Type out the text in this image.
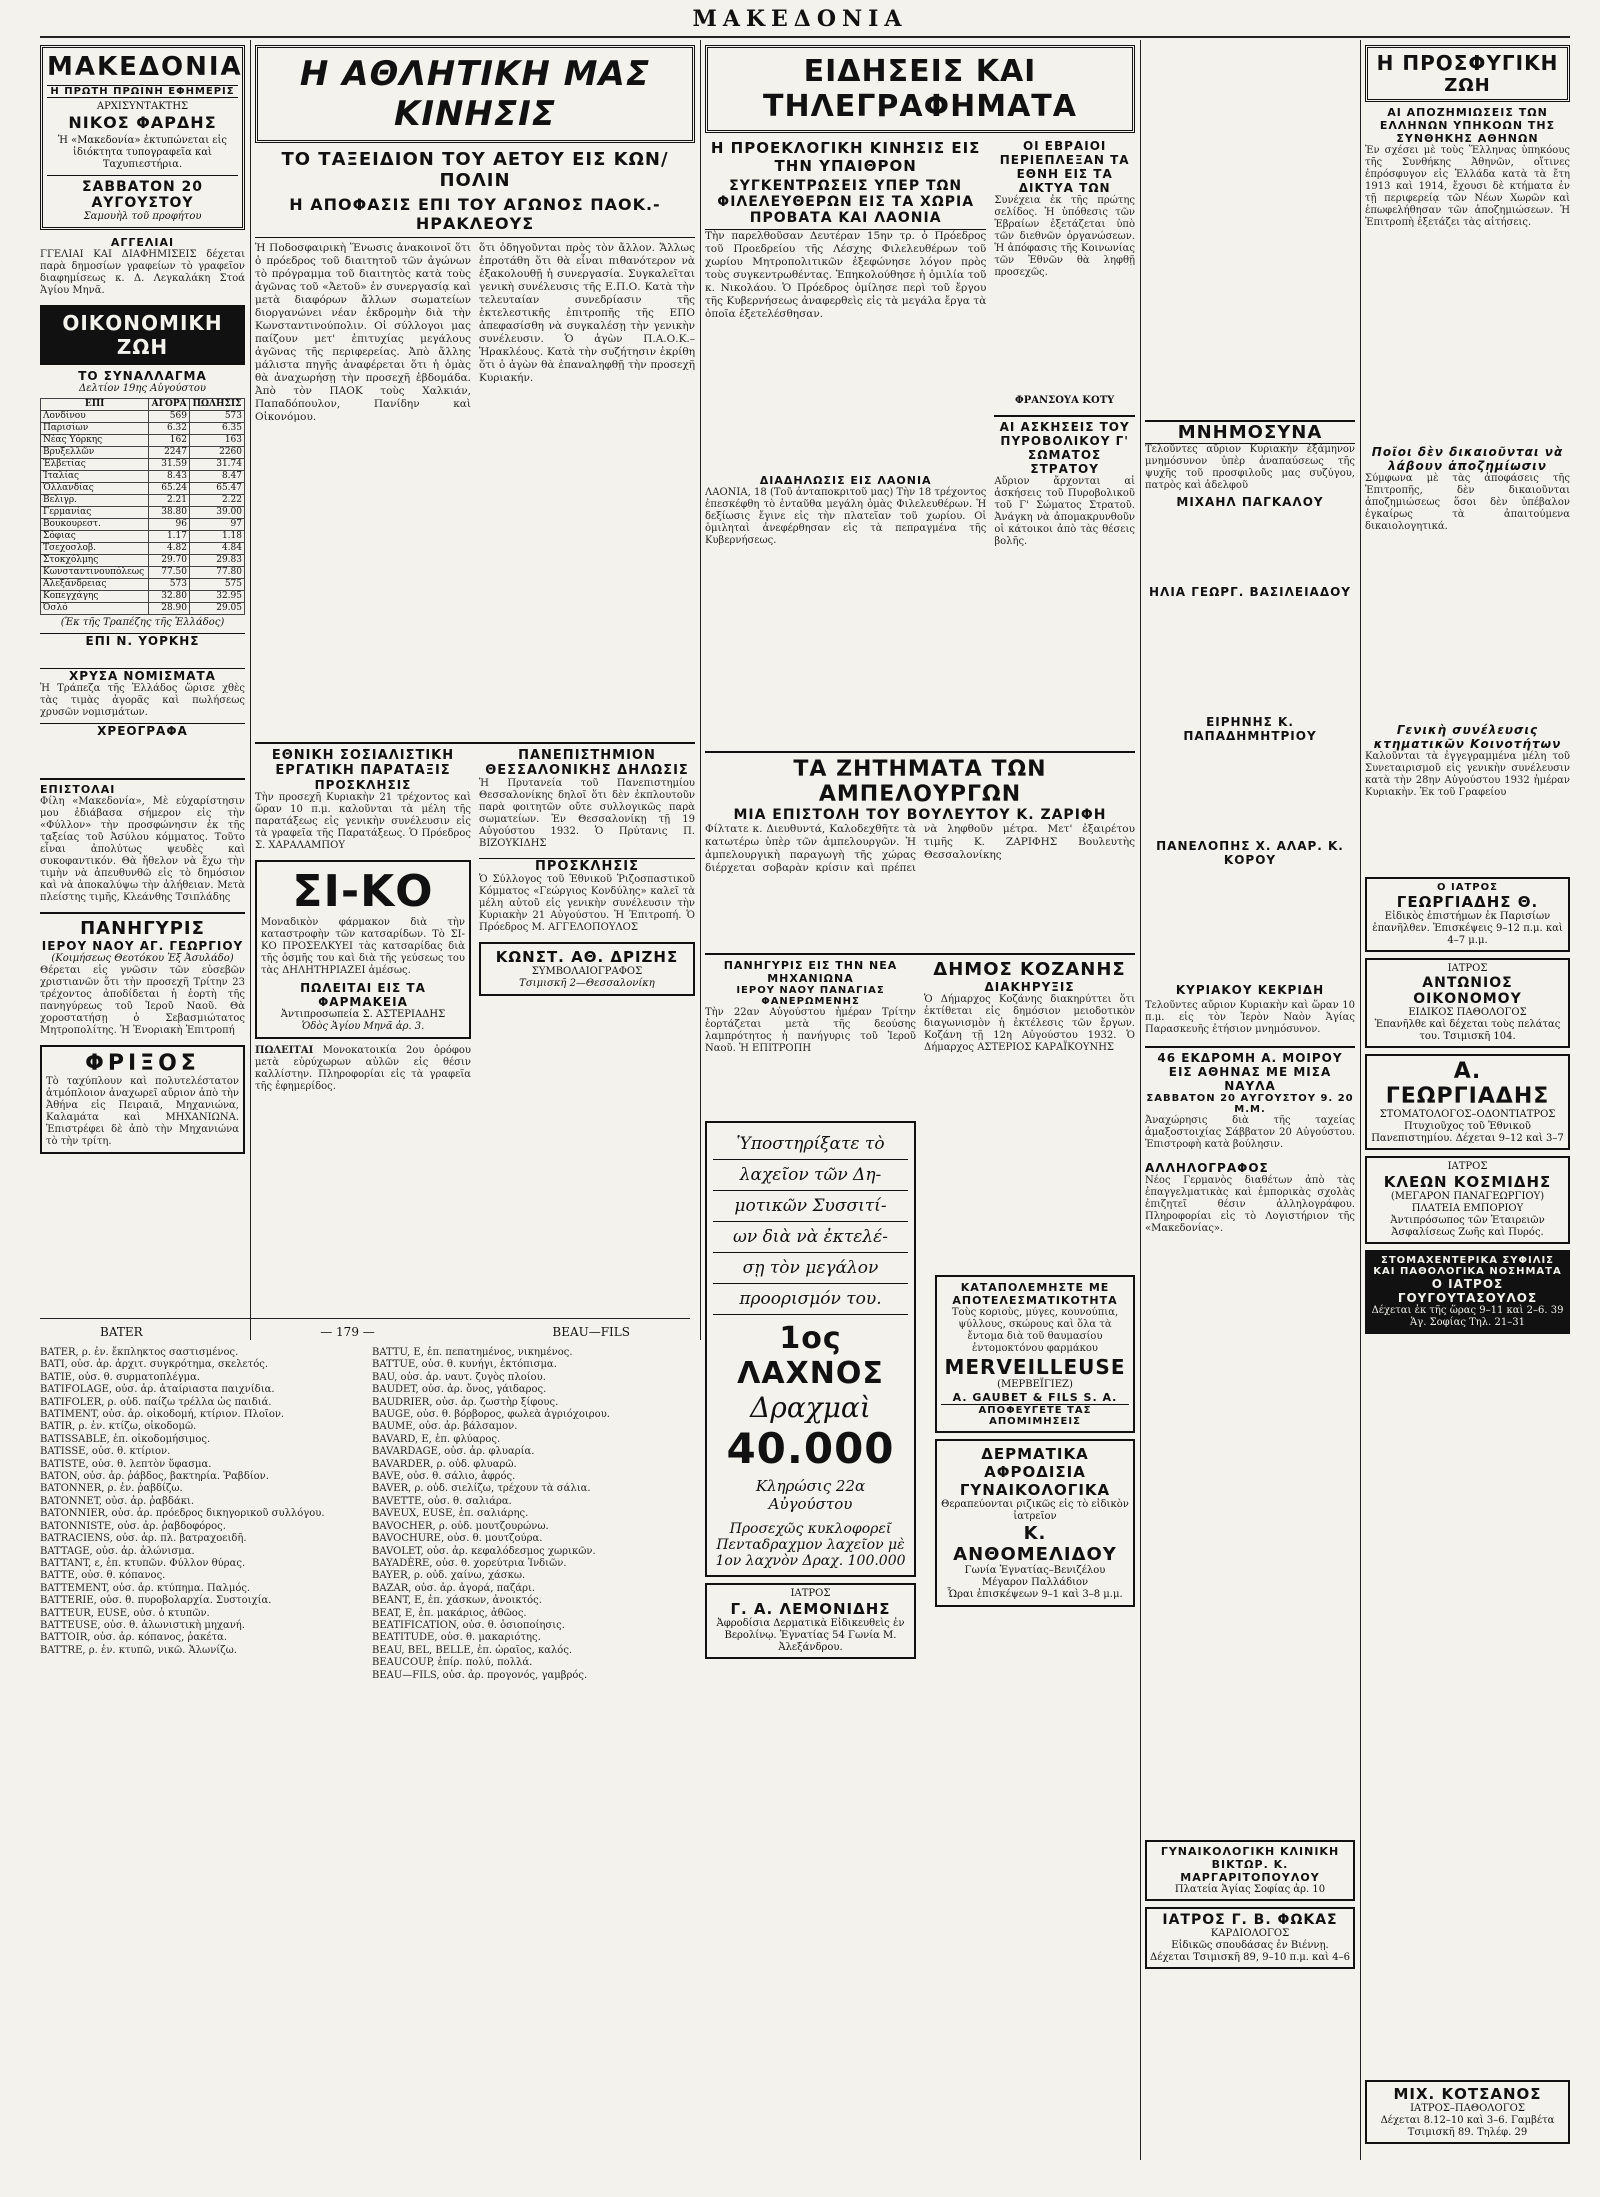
ΜΑΚΕΔΟΝΙΑ
ΜΑΚΕΔΟΝΙΑ
Η ΠΡΩΤΗ ΠΡΩΪΝΗ ΕΦΗΜΕΡΙΣ
ΑΡΧΙΣΥΝΤΑΚΤΗΣ
ΝΙΚΟΣ ΦΑΡΔΗΣ
Ἡ «Μακεδονία» ἐκτυπώνεται εἰς ἰδιόκτητα τυπογραφεῖα καὶ Ταχυπιεστήρια.
ΣΑΒΒΑΤΟΝ 20 ΑΥΓΟΥΣΤΟΥ
Σαμουὴλ τοῦ προφήτου
ΑΓΓΕΛΙΑΙ
ΓΓΕΛΙΑΙ ΚΑΙ ΔΙΑΦΗΜΙΣΕΙΣ δέχεται παρὰ δημοσίων γραφείων τὸ γραφεῖον διαφημίσεως κ. Δ. Λεγκαλάκη Στοά Ἁγίου Μηνᾶ.
ΟΙΚΟΝΟΜΙΚΗ ΖΩΗ
ΤΟ ΣΥΝΑΛΛΑΓΜΑ
Δελτίον 19ης Αὐγούστου
ΕΠΙ	ΑΓΟΡΑ	ΠΩΛΗΣΙΣ
Λονδίνου	569	573
Παρισίων	6.32	6.35
Νέας Υόρκης	162	163
Βρυξελλῶν	2247	2260
Ἑλβετίας	31.59	31.74
Ἰταλίας	8.43	8.47
Ὁλλανδίας	65.24	65.47
Βελιγρ.	2.21	2.22
Γερμανίας	38.80	39.00
Βουκουρεστ.	96	97
Σόφιας	1.17	1.18
Τσεχοσλοβ.	4.82	4.84
Στοκχόλμης	29.70	29.83
Κωνσταντινουπόλεως	77.50	77.80
Ἀλεξάνδρειας	573	575
Κοπεγχάγης	32.80	32.95
Ὀσλό	28.90	29.05
(Ἐκ τῆς Τραπέζης τῆς Ἑλλάδος)
ΕΠΙ Ν. ΥΟΡΚΗΣ
ΧΡΥΣΑ ΝΟΜΙΣΜΑΤΑ
Ἡ Τράπεζα τῆς Ἑλλάδος ὥρισε χθὲς τὰς τιμὰς ἀγορᾶς καὶ πωλήσεως χρυσῶν νομισμάτων.
ΧΡΕΟΓΡΑΦΑ
ΕΠΙΣΤΟΛΑΙ
Φίλη «Μακεδονία», Μὲ εὐχαρίστησιν μου ἐδιάβασα σήμερον εἰς τὴν «Φύλλον» τὴν προσφώνησιν ἐκ τῆς ταξείας τοῦ Ἀσύλου κόμματος. Τοῦτο εἶναι ἀπολύτως ψευδὲς καὶ συκοφαντικόν. Θὰ ἤθελον νὰ ἔχω τὴν τιμὴν νὰ ἀπευθυνθῶ εἰς τὸ δημόσιον καὶ νὰ ἀποκαλύψω τὴν ἀλήθειαν. Μετὰ πλείστης τιμῆς, Κλεάνθης Τσιπλάδης
ΠΑΝΗΓΥΡΙΣ
ΙΕΡΟΥ ΝΑΟΥ ΑΓ. ΓΕΩΡΓΙΟΥ
(Κοιμήσεως Θεοτόκου Ἐξ Ἀσυλάδο)
Θέρεται εἰς γνῶσιν τῶν εὐσεβῶν χριστιανῶν ὅτι τὴν προσεχῆ Τρίτην 23 τρέχοντος ἀποδίδεται ἡ ἑορτὴ τῆς πανηγύρεως τοῦ Ἱεροῦ Ναοῦ. Θὰ χοροστατήσῃ ὁ Σεβασμιώτατος Μητροπολίτης. Ἡ Ἐνοριακὴ Ἐπιτροπή
ΦΡΙΞΟΣ
Τὸ ταχύπλουν καὶ πολυτελέστατον ἀτμόπλοιον ἀναχωρεῖ αὔριον ἀπὸ τὴν Ἀθήνα εἰς Πειραιᾶ, Μηχανιώνα, Καλαμάτα καὶ ΜΗΧΑΝΙΩΝΑ. Ἐπιστρέφει δὲ ἀπὸ τὴν Μηχανιώνα τὸ τὴν τρίτη.
Η ΑΘΛΗΤΙΚΗ ΜΑΣ ΚΙΝΗΣΙΣ
ΤΟ ΤΑΞΕΙΔΙΟΝ ΤΟΥ ΑΕΤΟΥ ΕΙΣ ΚΩΝ/ΠΟΛΙΝ
Η ΑΠΟΦΑΣΙΣ ΕΠΙ ΤΟΥ ΑΓΩΝΟΣ ΠΑΟΚ.-ΗΡΑΚΛΕΟΥΣ
Ἡ Ποδοσφαιρικὴ Ἕνωσις ἀνακοινοῖ ὅτι ὁ πρόεδρος τοῦ διαιτητοῦ τῶν ἀγώνων τὸ πρόγραμμα τοῦ διαιτητὸς κατὰ τοὺς ἀγῶνας τοῦ «Ἀετοῦ» ἐν συνεργασίᾳ καὶ μετὰ διαφόρων ἄλλων σωματείων διοργανώνει νέαν ἐκδρομὴν διὰ τὴν Κωνσταντινούπολιν. Οἱ σύλλογοι μας παίζουν μετ' ἐπιτυχίας μεγάλους ἀγῶνας τῆς περιφερείας. Ἀπὸ ἄλλης μάλιστα πηγῆς ἀναφέρεται ὅτι ἡ ὁμὰς θὰ ἀναχωρήσῃ τὴν προσεχῆ ἑβδομάδα. Ἀπὸ τὸν ΠΑΟΚ τοὺς Χαλκιάν, Παπαδόπουλον, Πανίδην καὶ Οἰκονόμου.
ὅτι ὀδηγοῦνται πρὸς τὸν ἄλλον. Ἄλλως ἐπροτάθη ὅτι θὰ εἶναι πιθανότερον νὰ ἐξακολουθῇ ἡ συνεργασία. Συγκαλεῖται γενικὴ συνέλευσις τῆς Ε.Π.Ο. Κατὰ τὴν τελευταίαν συνεδρίασιν τῆς ἐκτελεστικῆς ἐπιτροπῆς τῆς ΕΠΟ ἀπεφασίσθη νὰ συγκαλέσῃ τὴν γενικὴν συνέλευσιν. Ὁ ἀγὼν Π.Α.Ο.Κ.–Ἡρακλέους. Κατὰ τὴν συζήτησιν ἐκρίθη ὅτι ὁ ἀγὼν θὰ ἐπαναληφθῇ τὴν προσεχῆ Κυριακήν.
ΕΘΝΙΚΗ ΣΟΣΙΑΛΙΣΤΙΚΗ ΕΡΓΑΤΙΚΗ ΠΑΡΑΤΑΞΙΣ
ΠΡΟΣΚΛΗΣΙΣ
Τὴν προσεχῆ Κυριακὴν 21 τρέχοντος καὶ ὥραν 10 π.μ. καλοῦνται τὰ μέλη τῆς παρατάξεως εἰς γενικὴν συνέλευσιν εἰς τὰ γραφεῖα τῆς Παρατάξεως. Ὁ Πρόεδρος Σ. ΧΑΡΑΛΑΜΠΟΥ
ΣΙ-ΚΟ
Μοναδικὸν φάρμακον διὰ τὴν καταστροφὴν τῶν κατσαρίδων. Τὸ ΣΙ-ΚΟ ΠΡΟΣΕΛΚΥΕΙ τὰς κατσαρίδας διὰ τῆς ὀσμῆς του καὶ διὰ τῆς γεύσεως του τὰς ΔΗΛΗΤΗΡΙΑΖΕΙ ἀμέσως.
ΠΩΛΕΙΤΑΙ ΕΙΣ ΤΑ ΦΑΡΜΑΚΕΙΑ
Ἀντιπροσωπεία Σ. ΑΣΤΕΡΙΑΔΗΣ
Ὁδὸς Ἁγίου Μηνᾶ ἀρ. 3.
ΠΩΛΕΙΤΑΙ Μονοκατοικία 2ου ὀρόφου μετὰ εὐρύχωρων αὐλῶν εἰς θέσιν καλλίστην. Πληροφορίαι εἰς τὰ γραφεῖα τῆς ἐφημερίδος.
ΠΑΝΕΠΙΣΤΗΜΙΟΝ ΘΕΣΣΑΛΟΝΙΚΗΣ ΔΗΛΩΣΙΣ
Ἡ Πρυτανεία τοῦ Πανεπιστημίου Θεσσαλονίκης δηλοῖ ὅτι δὲν ἐκπλουτοῦν παρὰ φοιτητῶν οὔτε συλλογικῶς παρὰ σωματείων. Ἐν Θεσσαλονίκῃ τῇ 19 Αὐγούστου 1932. Ὁ Πρύτανις Π. ΒΙΖΟΥΚΙΔΗΣ
ΠΡΟΣΚΛΗΣΙΣ
Ὁ Σύλλογος τοῦ Ἐθνικοῦ Ῥιζοσπαστικοῦ Κόμματος «Γεώργιος Κονδύλης» καλεῖ τὰ μέλη αὐτοῦ εἰς γενικὴν συνέλευσιν τὴν Κυριακὴν 21 Αὐγούστου. Ἡ Ἐπιτροπή. Ὁ Πρόεδρος Μ. ΑΓΓΕΛΟΠΟΥΛΟΣ
ΚΩΝΣΤ. ΑΘ. ΔΡΙΖΗΣ
ΣΥΜΒΟΛΑΙΟΓΡΑΦΟΣ
Τσιμισκῆ 2—Θεσσαλονίκη
ΕΙΔΗΣΕΙΣ ΚΑΙ ΤΗΛΕΓΡΑΦΗΜΑΤΑ
Η ΠΡΟΕΚΛΟΓΙΚΗ ΚΙΝΗΣΙΣ ΕΙΣ ΤΗΝ ΥΠΑΙΘΡΟΝ
ΣΥΓΚΕΝΤΡΩΣΕΙΣ ΥΠΕΡ ΤΩΝ ΦΙΛΕΛΕΥΘΕΡΩΝ ΕΙΣ ΤΑ ΧΩΡΙΑ ΠΡΟΒΑΤΑ ΚΑΙ ΛΑΟΝΙΑ
Τὴν παρελθοῦσαν Δευτέραν 15ην τρ. ὁ Πρόεδρος τοῦ Προεδρείου τῆς Λέσχης Φιλελευθέρων τοῦ χωρίου Μητροπολιτικῶν ἐξεφώνησε λόγον πρὸς τοὺς συγκεντρωθέντας. Ἐπηκολούθησε ἡ ὁμιλία τοῦ κ. Νικολάου. Ὁ Πρόεδρος ὁμίλησε περὶ τοῦ ἔργου τῆς Κυβερνήσεως ἀναφερθεὶς εἰς τὰ μεγάλα ἔργα τὰ ὁποῖα ἐξετελέσθησαν.
ΔΙΑΔΗΛΩΣΙΣ ΕΙΣ ΛΑΟΝΙΑ
ΛΑΟΝΙΑ, 18 (Τοῦ ἀνταποκριτοῦ μας) Τὴν 18 τρέχοντος ἐπεσκέφθη τὸ ἐνταῦθα μεγάλη ὁμὰς Φιλελευθέρων. Ἡ δεξίωσις ἔγινε εἰς τὴν πλατεῖαν τοῦ χωρίου. Οἱ ὁμιληταὶ ἀνεφέρθησαν εἰς τὰ πεπραγμένα τῆς Κυβερνήσεως.
ΟΙ ΕΒΡΑΙΟΙ ΠΕΡΙΕΠΛΕΞΑΝ ΤΑ ΕΘΝΗ ΕΙΣ ΤΑ ΔΙΚΤΥΑ ΤΩΝ
Συνέχεια ἐκ τῆς πρώτης σελίδος. Ἡ ὑπόθεσις τῶν Ἑβραίων ἐξετάζεται ὑπὸ τῶν διεθνῶν ὀργανώσεων. Ἡ ἀπόφασις τῆς Κοινωνίας τῶν Ἐθνῶν θὰ ληφθῇ προσεχῶς.
ΦΡΑΝΣΟΥΑ ΚΟΤΥ
ΑΙ ΑΣΚΗΣΕΙΣ ΤΟΥ ΠΥΡΟΒΟΛΙΚΟΥ Γ' ΣΩΜΑΤΟΣ ΣΤΡΑΤΟΥ
Αὔριον ἄρχονται αἱ ἀσκήσεις τοῦ Πυροβολικοῦ τοῦ Γ' Σώματος Στρατοῦ. Ἀνάγκη νὰ ἀπομακρυνθοῦν οἱ κάτοικοι ἀπὸ τὰς θέσεις βολῆς.
ΤΑ ΖΗΤΗΜΑΤΑ ΤΩΝ ΑΜΠΕΛΟΥΡΓΩΝ
ΜΙΑ ΕΠΙΣΤΟΛΗ ΤΟΥ ΒΟΥΛΕΥΤΟΥ Κ. ΖΑΡΙΦΗ
Φίλτατε κ. Διευθυντά, Καλοδεχθῆτε τὰ κατωτέρω ὑπὲρ τῶν ἀμπελουργῶν. Ἡ ἀμπελουργικὴ παραγωγὴ τῆς χώρας διέρχεται σοβαρὰν κρίσιν καὶ πρέπει νὰ ληφθοῦν μέτρα. Μετ' ἐξαιρέτου τιμῆς Κ. ΖΑΡΙΦΗΣ Βουλευτὴς Θεσσαλονίκης
ΠΑΝΗΓΥΡΙΣ ΕΙΣ ΤΗΝ ΝΕΑ ΜΗΧΑΝΙΩΝΑ
ΙΕΡΟΥ ΝΑΟΥ ΠΑΝΑΓΙΑΣ ΦΑΝΕΡΩΜΕΝΗΣ
Τὴν 22αν Αὐγούστου ἡμέραν Τρίτην ἑορτάζεται μετὰ τῆς δεούσης λαμπρότητος ἡ πανήγυρις τοῦ Ἱεροῦ Ναοῦ. Ἡ ΕΠΙΤΡΟΠΗ
Ὑποστηρίξατε τὸ
λαχεῖον τῶν Δη-
μοτικῶν Συσσιτί-
ων διὰ νὰ ἐκτελέ-
σῃ τὸν μεγάλον
προορισμόν του.
1ος ΛΑΧΝΟΣ
Δραχμαὶ
40.000
Κληρώσις 22α Αὐγούστου
Προσεχῶς κυκλοφορεῖ Πενταδραχμον λαχεῖον μὲ 1ον λαχνὸν Δραχ. 100.000
ΙΑΤΡΟΣ
Γ. Α. ΛΕΜΟΝΙΔΗΣ
Ἀφροδίσια Δερματικὰ Εἰδικευθεὶς ἐν Βερολίνῳ. Ἐγνατίας 54 Γωνία Μ. Ἀλεξάνδρου.
ΔΗΜΟΣ ΚΟΖΑΝΗΣ
ΔΙΑΚΗΡΥΞΙΣ
Ὁ Δήμαρχος Κοζάνης διακηρύττει ὅτι ἐκτίθεται εἰς δημόσιον μειοδοτικὸν διαγωνισμὸν ἡ ἐκτέλεσις τῶν ἔργων. Κοζάνη τῇ 12η Αὐγούστου 1932. Ὁ Δήμαρχος ΑΣΤΕΡΙΟΣ ΚΑΡΑΪΚΟΥΝΗΣ
ΚΑΤΑΠΟΛΕΜΗΣΤΕ ΜΕ ΑΠΟΤΕΛΕΣΜΑΤΙΚΟΤΗΤΑ
Τοὺς κοριοὺς, μύγες, κουνούπια, ψύλλους, σκώρους καὶ ὅλα τὰ ἔντομα διὰ τοῦ θαυμασίου ἐντομοκτόνου φαρμάκου
MERVEILLEUSE
(ΜΕΡΒΕΪΓΙΕΖ)
A. GAUBET & FILS S. A.
ΑΠΟΦΕΥΓΕΤΕ ΤΑΣ ΑΠΟΜΙΜΗΣΕΙΣ
ΔΕΡΜΑΤΙΚΑ
ΑΦΡΟΔΙΣΙΑ
ΓΥΝΑΙΚΟΛΟΓΙΚΑ
Θεραπεύονται ριζικῶς εἰς τὸ εἰδικὸν ἰατρεῖον
Κ. ΑΝΘΟΜΕΛΙΔΟΥ
Γωνία Ἐγνατίας–Βενιζέλου Μέγαρον Παλλάδιον
Ὧραι ἐπισκέψεων 9–1 καὶ 3–8 μ.μ.
ΜΝΗΜΟΣΥΝΑ
Τελοῦντες αὔριον Κυριακὴν ἐξάμηνον μνημόσυνον ὑπὲρ ἀναπαύσεως τῆς ψυχῆς τοῦ προσφιλοῦς μας συζύγου, πατρὸς καὶ ἀδελφοῦ
ΜΙΧΑΗΛ ΠΑΓΚΑΛΟΥ
ΗΛΙΑ ΓΕΩΡΓ. ΒΑΣΙΛΕΙΑΔΟΥ
ΕΙΡΗΝΗΣ Κ. ΠΑΠΑΔΗΜΗΤΡΙΟΥ
ΠΑΝΕΛΟΠΗΣ Χ. ΑΛΑΡ. Κ. ΚΟΡΟΥ
ΚΥΡΙΑΚΟΥ ΚΕΚΡΙΔΗ
Τελοῦντες αὔριον Κυριακὴν καὶ ὥραν 10 π.μ. εἰς τὸν Ἱερὸν Ναὸν Ἁγίας Παρασκευῆς ἐτήσιον μνημόσυνον.
46 ΕΚΔΡΟΜΗ Α. ΜΟΙΡΟΥ ΕΙΣ ΑΘΗΝΑΣ ΜΕ ΜΙΣΑ ΝΑΥΛΑ
ΣΑΒΒΑΤΟΝ 20 ΑΥΓΟΥΣΤΟΥ 9. 20 Μ.Μ.
Ἀναχώρησις διὰ τῆς ταχείας ἀμαξοστοιχίας Σάββατον 20 Αὐγούστου. Ἐπιστροφὴ κατὰ βούλησιν.
ΑΛΛΗΛΟΓΡΑΦΟΣ
Νέος Γερμανὸς διαθέτων ἀπὸ τὰς ἐπαγγελματικὰς καὶ ἐμπορικὰς σχολὰς ἐπιζητεῖ θέσιν ἀλληλογράφου. Πληροφορίαι εἰς τὸ Λογιστήριον τῆς «Μακεδονίας».
Η ΠΡΟΣΦΥΓΙΚΗ
ΖΩΗ
ΑΙ ΑΠΟΖΗΜΙΩΣΕΙΣ ΤΩΝ ΕΛΛΗΝΩΝ ΥΠΗΚΟΩΝ ΤΗΣ ΣΥΝΘΗΚΗΣ ΑΘΗΝΩΝ
Ἐν σχέσει μὲ τοὺς Ἕλληνας ὑπηκόους τῆς Συνθήκης Ἀθηνῶν, οἵτινες ἐπρόσφυγον εἰς Ἑλλάδα κατὰ τὰ ἔτη 1913 καὶ 1914, ἔχουσι δὲ κτήματα ἐν τῇ περιφερείᾳ τῶν Νέων Χωρῶν καὶ ἐπωφελήθησαν τῶν ἀποζημιώσεων. Ἡ Ἐπιτροπὴ ἐξετάζει τὰς αἰτήσεις.
Ποῖοι δὲν δικαιοῦνται νὰ λάβουν ἀποζημίωσιν
Σύμφωνα μὲ τὰς ἀποφάσεις τῆς Ἐπιτροπῆς, δὲν δικαιοῦνται ἀποζημιώσεως ὅσοι δὲν ὑπέβαλον ἐγκαίρως τὰ ἀπαιτούμενα δικαιολογητικά.
Γενικὴ συνέλευσις κτηματικῶν Κοινοτήτων
Καλοῦνται τὰ ἐγγεγραμμένα μέλη τοῦ Συνεταιρισμοῦ εἰς γενικὴν συνέλευσιν κατὰ τὴν 28ην Αὐγούστου 1932 ἡμέραν Κυριακὴν. Ἐκ τοῦ Γραφείου
Ο ΙΑΤΡΟΣ
ΓΕΩΡΓΙΑΔΗΣ Θ.
Εἰδικὸς ἐπιστήμων ἐκ Παρισίων ἐπανῆλθεν. Ἐπισκέψεις 9–12 π.μ. καὶ 4–7 μ.μ.
ΙΑΤΡΟΣ
ΑΝΤΩΝΙΟΣ ΟΙΚΟΝΟΜΟΥ
ΕΙΔΙΚΟΣ ΠΑΘΟΛΟΓΟΣ
Ἐπανῆλθε καὶ δέχεται τοὺς πελάτας του. Τσιμισκῆ 104.
Α. ΓΕΩΡΓΙΑΔΗΣ
ΣΤΟΜΑΤΟΛΟΓΟΣ–ΟΔΟΝΤΙΑΤΡΟΣ
Πτυχιοῦχος τοῦ Ἐθνικοῦ Πανεπιστημίου. Δέχεται 9–12 καὶ 3–7
ΙΑΤΡΟΣ
ΚΛΕΩΝ ΚΟΣΜΙΔΗΣ
(ΜΕΓΑΡΟΝ ΠΑΝΑΓΕΩΡΓΙΟΥ) ΠΛΑΤΕΙΑ ΕΜΠΟΡΙΟΥ
Ἀντιπρόσωπος τῶν Ἑταιρειῶν Ἀσφαλίσεως Ζωῆς καὶ Πυρός.
ΣΤΟΜΑΧΕΝΤΕΡΙΚΑ ΣΥΦΙΛΙΣ ΚΑΙ ΠΑΘΟΛΟΓΙΚΑ ΝΟΣΗΜΑΤΑ
Ο ΙΑΤΡΟΣ ΓΟΥΓΟΥΤΑΣΟΥΛΟΣ
Δέχεται ἐκ τῆς ὥρας 9–11 καὶ 2–6. 39 Ἁγ. Σοφίας Τηλ. 21–31
ΓΥΝΑΙΚΟΛΟΓΙΚΗ ΚΛΙΝΙΚΗ
ΒΙΚΤΩΡ. Κ. ΜΑΡΓΑΡΙΤΟΠΟΥΛΟΥ
Πλατεία Ἁγίας Σοφίας ἀρ. 10
ΙΑΤΡΟΣ Γ. Β. ΦΩΚΑΣ
ΚΑΡΔΙΟΛΟΓΟΣ
Εἰδικῶς σπουδάσας ἐν Βιέννῃ. Δέχεται Τσιμισκῆ 89, 9–10 π.μ. καὶ 4–6
ΜΙΧ. ΚΟΤΣΑΝΟΣ
ΙΑΤΡΟΣ–ΠΑΘΟΛΟΓΟΣ
Δέχεται 8.12–10 καὶ 3–6. Γαμβέτα Τσιμισκῆ 89. Τηλέφ. 29
BATER	— 179 —	BEAU—FILS

BATER, ρ. ἐν. ἔκπληκτος σαστισμένος.

BATI, οὐσ. ἀρ. ἀρχιτ. συγκρότημα, σκελετός.

BATIE, οὐσ. θ. συρματοπλέγμα.

BATIFOLAGE, οὐσ. ἀρ. ἀταίριαστα παιχνίδια.

BATIFOLER, ρ. οὐδ. παίζω τρέλλα ὡς παιδιά.

BATIMENT, οὐσ. ἀρ. οἰκοδομή, κτίριον. Πλοῖον.

BATIR, ρ. ἐν. κτίζω, οἰκοδομῶ.

BATISSABLE, ἐπ. οἰκοδομήσιμος.

BATISSE, οὐσ. θ. κτίριον.

BATISTE, οὐσ. θ. λεπτὸν ὕφασμα.

BATON, οὐσ. ἀρ. ῥάβδος, βακτηρία. Ῥαβδίον.

BATONNER, ρ. ἐν. ῥαβδίζω.

BATONNET, οὐσ. ἀρ. ῥαβδάκι.

BATONNIER, οὐσ. ἀρ. πρόεδρος δικηγορικοῦ συλλόγου.

BATONNISTE, οὐσ. ἀρ. ῥαβδοφόρος.

BATRACIENS, οὐσ. ἀρ. πλ. βατραχοειδῆ.

BATTAGE, οὐσ. ἀρ. ἁλώνισμα.

BATTANT, ε, ἐπ. κτυπῶν. Φύλλον θύρας.

BATTE, οὐσ. θ. κόπανος.

BATTEMENT, οὐσ. ἀρ. κτύπημα. Παλμός.

BATTERIE, οὐσ. θ. πυροβολαρχία. Συστοιχία.

BATTEUR, EUSE, οὐσ. ὁ κτυπῶν.

BATTEUSE, οὐσ. θ. ἁλωνιστικὴ μηχανή.

BATTOIR, οὐσ. ἀρ. κόπανος, ῥακέτα.

BATTRE, ρ. ἐν. κτυπῶ, νικῶ. Ἁλωνίζω.

BATTU, E, ἐπ. πεπατημένος, νικημένος.

BATTUE, οὐσ. θ. κυνήγι, ἐκτόπισμα.

BAU, οὐσ. ἀρ. ναυτ. ζυγὸς πλοίου.

BAUDET, οὐσ. ἀρ. ὄνος, γάιδαρος.

BAUDRIER, οὐσ. ἀρ. ζωστὴρ ξίφους.

BAUGE, οὐσ. θ. βόρβορος, φωλεὰ ἀγριόχοιρου.

BAUME, οὐσ. ἀρ. βάλσαμον.

BAVARD, E, ἐπ. φλύαρος.

BAVARDAGE, οὐσ. ἀρ. φλυαρία.

BAVARDER, ρ. οὐδ. φλυαρῶ.

BAVE, οὐσ. θ. σάλιο, ἀφρός.

BAVER, ρ. οὐδ. σιελίζω, τρέχουν τὰ σάλια.

BAVETTE, οὐσ. θ. σαλιάρα.

BAVEUX, EUSE, ἐπ. σαλιάρης.

BAVOCHER, ρ. οὐδ. μουτζουρώνω.

BAVOCHURE, οὐσ. θ. μουτζούρα.

BAVOLET, οὐσ. ἀρ. κεφαλόδεσμος χωρικῶν.

BAYADÈRE, οὐσ. θ. χορεύτρια Ἰνδιῶν.

BAYER, ρ. οὐδ. χαίνω, χάσκω.

BAZAR, οὐσ. ἀρ. ἀγορά, παζάρι.

BEANT, E, ἐπ. χάσκων, ἀνοικτός.

BEAT, E, ἐπ. μακάριος, ἀθῶος.

BEATIFICATION, οὐσ. θ. ὁσιοποίησις.

BEATITUDE, οὐσ. θ. μακαριότης.

BEAU, BEL, BELLE, ἐπ. ὡραῖος, καλός.

BEAUCOUP, ἐπίρ. πολύ, πολλά.

BEAU—FILS, οὐσ. ἀρ. προγονός, γαμβρός.
